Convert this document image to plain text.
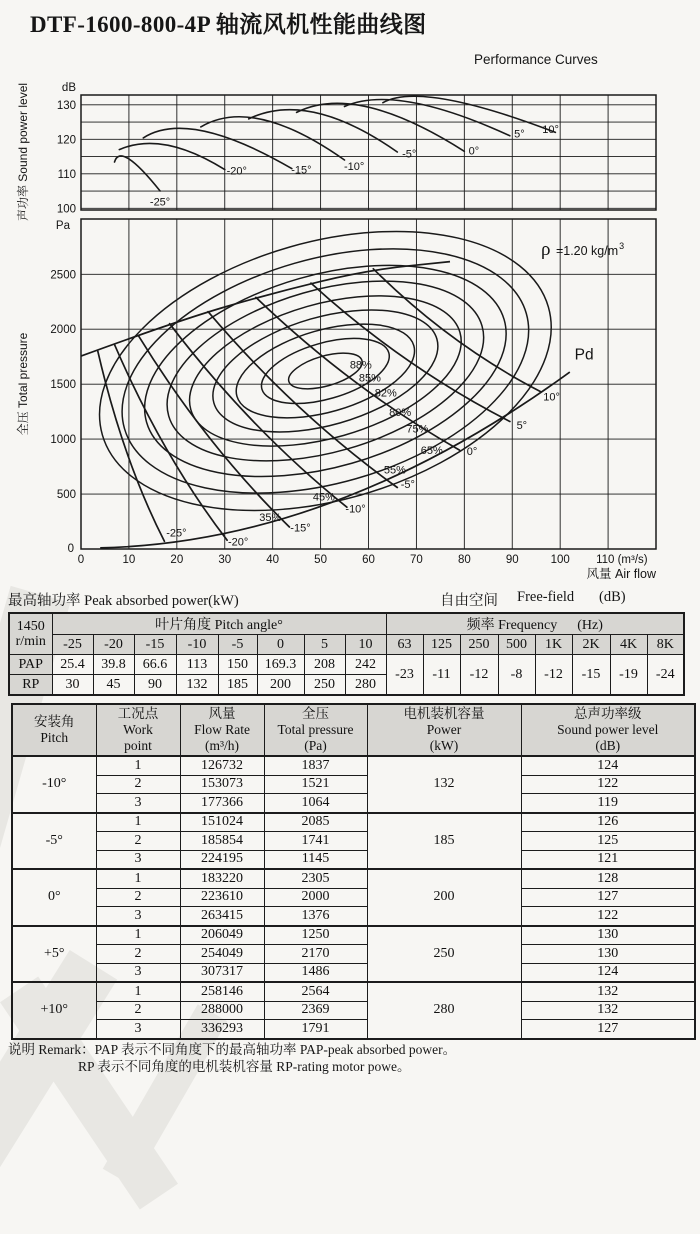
DTF-1600-800-4P 轴流风机性能曲线图
Performance Curves
100
110
120
130
dB
声功率 Sound power level	-25°
-20°	-15°	-10°
-5°	0°
5° 10°
500
1000
1500
2000
2500
0
Pa
全压 Total pressure
0	10	20	30	40	50	60	70	80	90	100 110 (m³/s)
风量 Air flow
88%
85%
82%
80%
75%
65%
55%
45%
35%
-25°
-20°
-15°
-10°
-5°
0°
5°
10°
Pd
ρ =1.20 $kg/m^3$
最高轴功率 Peak absorbed power(kW)	自由空间 Free-field (dB)
1450
r/min	叶片角度 Pitch angle°								频率 Frequency (Hz)							
	-25	-20	-15	-10	-5	0	5	10	63	125	250	500	1K	2K	4K	8K
PAP	25.4	39.8	66.6	113	150	169.3	208	242	-23	-11	-12	-8	-12	-15	-19	-24
RP	30	45	90	132	185	200	250	280								
安装角
Pitch	工况点
Work
point	风量
Flow Rate
(m³/h)	全压
Total pressure
(Pa)	电机装机容量
Power
(kW)	总声功率级
Sound power level
(dB)
-10°	1	126732	1837	132	124
	2	153073	1521		122
	3	177366	1064		119
-5°	1	151024	2085	185	126
	2	185854	1741		125
	3	224195	1145		121
0°	1	183220	2305	200	128
	2	223610	2000		127
	3	263415	1376		122
+5°	1	206049	1250	250	130
	2	254049	2170		130
	3	307317	1486		124
+10°	1	258146	2564	280	132
	2	288000	2369		132
	3	336293	1791		127
说明 Remark：PAP 表示不同角度下的最高轴功率 PAP-peak absorbed power。
RP 表示不同角度的电机装机容量 RP-rating motor powe。
